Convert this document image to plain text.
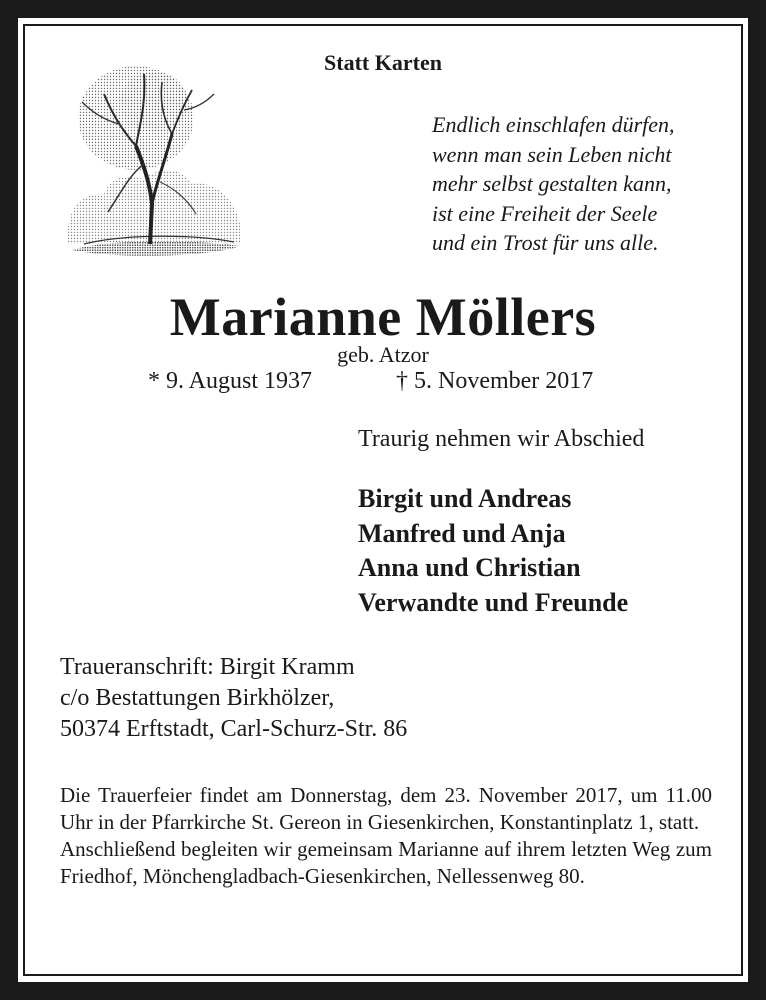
Statt Karten
Endlich einschlafen dürfen,
wenn man sein Leben nicht
mehr selbst gestalten kann,
ist eine Freiheit der Seele
und ein Trost für uns alle.
Marianne Möllers
geb. Atzor
* 9. August 1937	† 5. November 2017
Traurig nehmen wir Abschied
Birgit und Andreas
Manfred und Anja
Anna und Christian
Verwandte und Freunde
Traueranschrift: Birgit Kramm
c/o Bestattungen Birkhölzer,
50374 Erftstadt, Carl-Schurz-Str. 86

Die Trauerfeier findet am Donnerstag, dem 23. November 2017, um 11.00 Uhr in der Pfarrkirche St. Gereon in Giesenkirchen, Konstantinplatz 1, statt.

Anschließend begleiten wir gemeinsam Marianne auf ihrem letzten Weg zum Friedhof, Mönchengladbach-Giesenkirchen, Nellessenweg 80.
